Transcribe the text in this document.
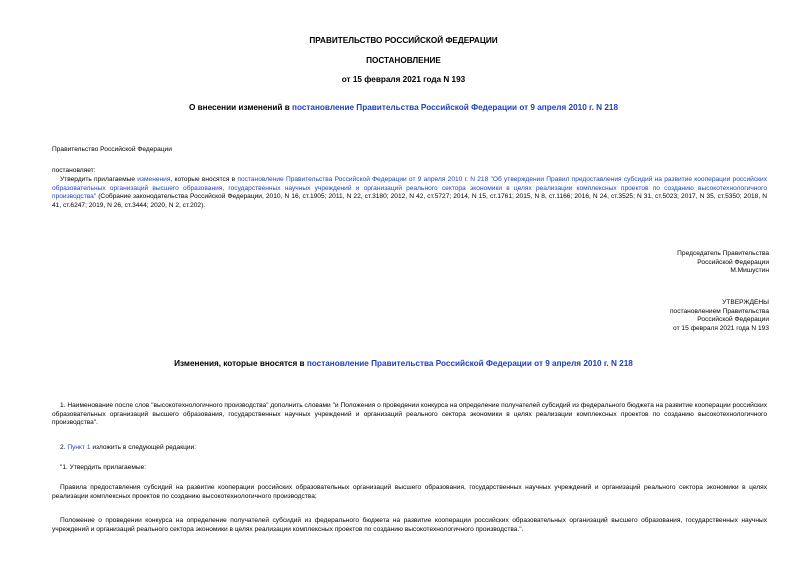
ПРАВИТЕЛЬСТВО РОССИЙСКОЙ ФЕДЕРАЦИИ
ПОСТАНОВЛЕНИЕ
от 15 февраля 2021 года N 193
О внесении изменений в постановление Правительства Российской Федерации от 9 апреля 2010 г. N 218
Правительство Российской Федерации
постановляет:
Утвердить прилагаемые изменения, которые вносятся в постановление Правительства Российской Федерации от 9 апреля 2010 г. N 218 "Об утверждении Правил предоставления субсидий на развитие кооперации российских образовательных организаций высшего образования, государственных научных учреждений и организаций реального сектора экономики в целях реализации комплексных проектов по созданию высокотехнологичного производства" (Собрание законодательства Российской Федерации, 2010, N 16, ст.1905; 2011, N 22, ст.3180; 2012, N 42, ст.5727; 2014, N 15, ст.1761; 2015, N 8, ст.1166; 2016, N 24, ст.3525; N 31, ст.5023; 2017, N 35, ст.5350; 2018, N 41, ст.6247; 2019, N 26, ст.3444; 2020, N 2, ст.202).
Председатель Правительства
Российской Федерации
М.Мишустин
УТВЕРЖДЕНЫ
постановлением Правительства
Российской Федерации
от 15 февраля 2021 года N 193
Изменения, которые вносятся в постановление Правительства Российской Федерации от 9 апреля 2010 г. N 218
1. Наименование после слов "высокотехнологичного производства" дополнить словами "и Положения о проведении конкурса на определение получателей субсидий из федерального бюджета на развитие кооперации российских образовательных организаций высшего образования, государственных научных учреждений и организаций реального сектора экономики в целях реализации комплексных проектов по созданию высокотехнологичного производства".
2. Пункт 1 изложить в следующей редакции:
"1. Утвердить прилагаемые:
Правила предоставления субсидий на развитие кооперации российских образовательных организаций высшего образования, государственных научных учреждений и организаций реального сектора экономики в целях реализации комплексных проектов по созданию высокотехнологичного производства;
Положение о проведении конкурса на определение получателей субсидий из федерального бюджета на развитие кооперации российских образовательных организаций высшего образования, государственных научных учреждений и организаций реального сектора экономики в целях реализации комплексных проектов по созданию высокотехнологичного производства.".
